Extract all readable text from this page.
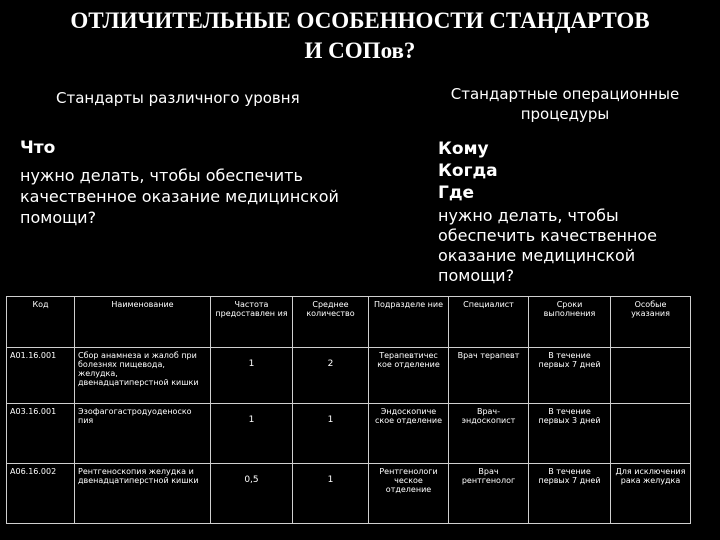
ОТЛИЧИТЕЛЬНЫЕ ОСОБЕННОСТИ СТАНДАРТОВ
И СОПов?
Стандарты различного уровня	Стандартные операционные процедуры
Что
нужно делать, чтобы обеспечить качественное оказание медицинской помощи?
Кому
Когда
Где
нужно делать, чтобы обеспечить качественное оказание медицинской помощи?
Код	Наименование	Частота предоставлен ия	Среднее количество	Подразделе ние	Специалист	Сроки выполнения	Особые указания
A01.16.001	Сбор анамнеза и жалоб при болезнях пищевода, желудка, двенадцатиперстной кишки	1	2	Терапевтичес кое отделение	Врач терапевт	В течение первых 7 дней	
A03.16.001	Эзофагогастродуоденоско пия	1	1	Эндоскопиче ское отделение	Врач-эндоскопист	В течение первых 3 дней	
A06.16.002	Рентгеноскопия желудка и двенадцатиперстной кишки	0,5	1	Рентгенологи ческое отделение	Врач рентгенолог	В течение первых 7 дней	Для исключения рака желудка
